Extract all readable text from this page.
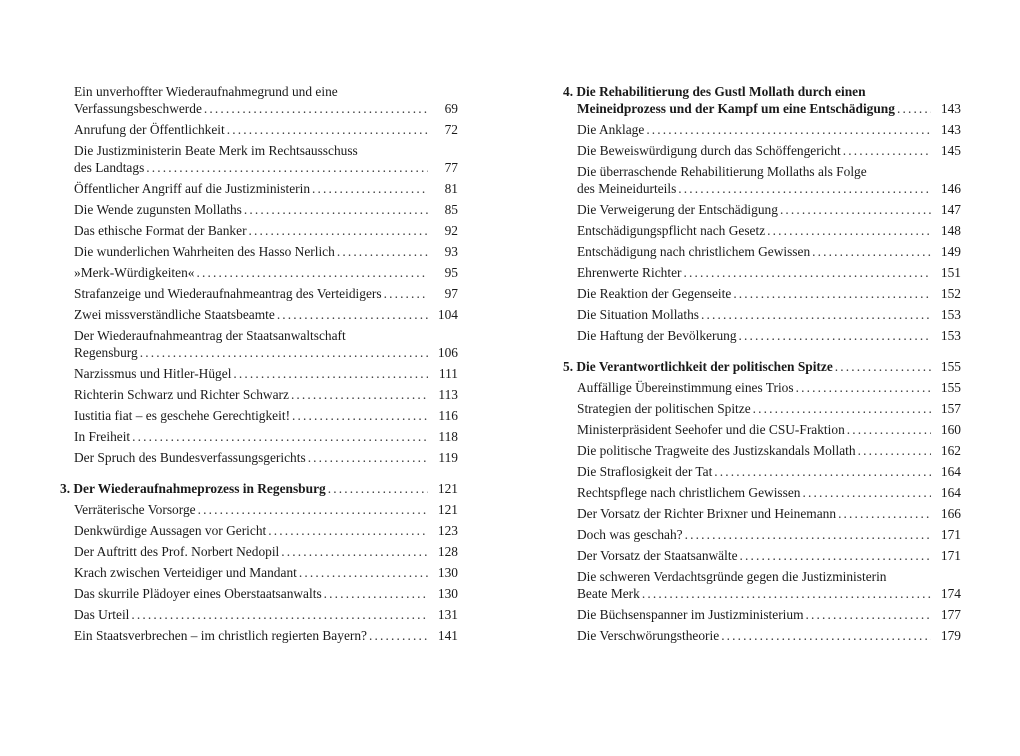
Ein unverhoffter Wiederaufnahmegrund und eine
Verfassungsbeschwerde . . .	69
Anrufung der Öffentlichkeit . . .	72
Die Justizministerin Beate Merk im Rechtsausschuss
des Landtags . . .	77
Öffentlicher Angriff auf die Justizministerin . . .	81
Die Wende zugunsten Mollaths . . .	85
Das ethische Format der Banker . . .	92
Die wunderlichen Wahrheiten des Hasso Nerlich . . .	93
»Merk-Würdigkeiten« . . .	95
Strafanzeige und Wiederaufnahmeantrag des Verteidigers . . .	97
Zwei missverständliche Staatsbeamte . . .	104
Der Wiederaufnahmeantrag der Staatsanwaltschaft
Regensburg . . .	106
Narzissmus und Hitler-Hügel . . .	111
Richterin Schwarz und Richter Schwarz . . .	113
Iustitia fiat – es geschehe Gerechtigkeit! . . .	116
In Freiheit . . .	118
Der Spruch des Bundesverfassungsgerichts . . .	119
3. Der Wiederaufnahmeprozess in Regensburg . . .	121
Verräterische Vorsorge . . .	121
Denkwürdige Aussagen vor Gericht . . .	123
Der Auftritt des Prof. Norbert Nedopil . . .	128
Krach zwischen Verteidiger und Mandant . . .	130
Das skurrile Plädoyer eines Oberstaatsanwalts . . .	130
Das Urteil . . .	131
Ein Staatsverbrechen – im christlich regierten Bayern? . . .	141
4. Die Rehabilitierung des Gustl Mollath durch einen
Meineidprozess und der Kampf um eine Entschädigung . . .	143
Die Anklage . . .	143
Die Beweiswürdigung durch das Schöffengericht . . .	145
Die überraschende Rehabilitierung Mollaths als Folge
des Meineidurteils . . .	146
Die Verweigerung der Entschädigung . . .	147
Entschädigungspflicht nach Gesetz . . .	148
Entschädigung nach christlichem Gewissen . . .	149
Ehrenwerte Richter . . .	151
Die Reaktion der Gegenseite . . .	152
Die Situation Mollaths . . .	153
Die Haftung der Bevölkerung . . .	153
5. Die Verantwortlichkeit der politischen Spitze . . .	155
Auffällige Übereinstimmung eines Trios . . .	155
Strategien der politischen Spitze . . .	157
Ministerpräsident Seehofer und die CSU-Fraktion . . .	160
Die politische Tragweite des Justizskandals Mollath . . .	162
Die Straflosigkeit der Tat . . .	164
Rechtspflege nach christlichem Gewissen . . .	164
Der Vorsatz der Richter Brixner und Heinemann . . .	166
Doch was geschah? . . .	171
Der Vorsatz der Staatsanwälte . . .	171
Die schweren Verdachtsgründe gegen die Justizministerin
Beate Merk . . .	174
Die Büchsenspanner im Justizministerium . . .	177
Die Verschwörungstheorie . . .	179
